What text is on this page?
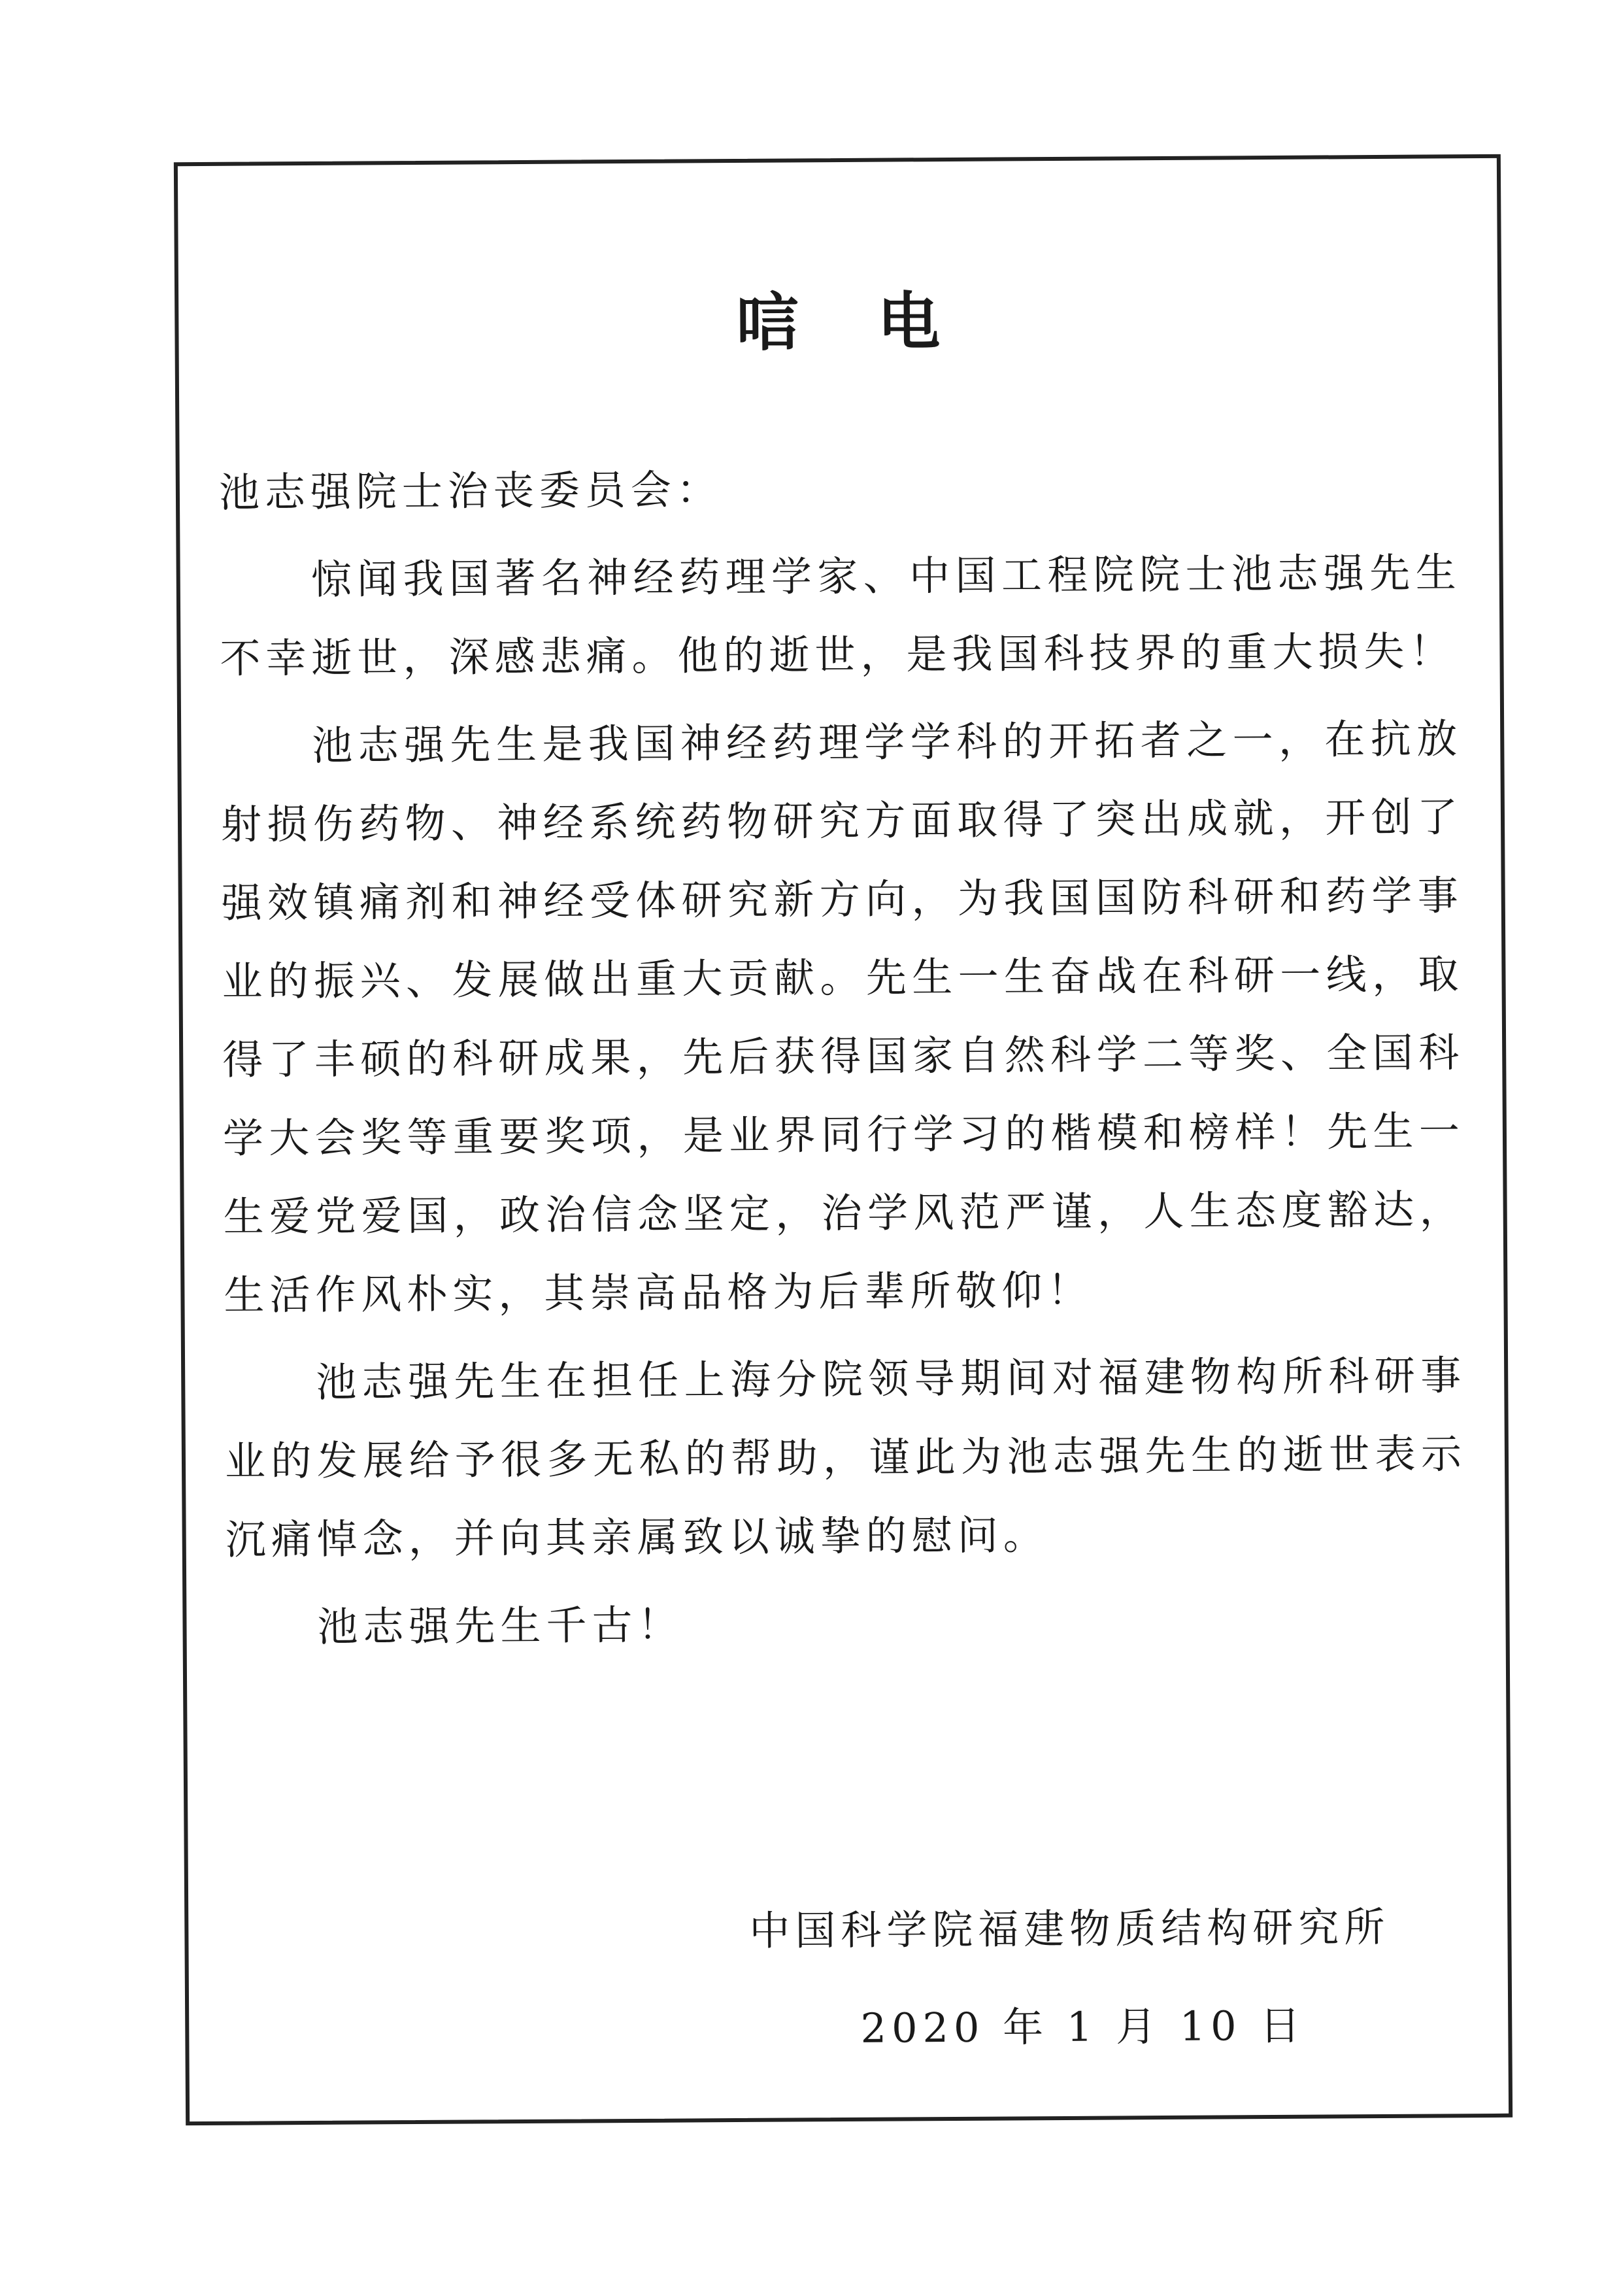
唁电

池志强院士治丧委员会：

惊闻我国著名神经药理学家、中国工程院院士池志强先生不幸逝世，深感悲痛。他的逝世，是我国科技界的重大损失！

池志强先生是我国神经药理学学科的开拓者之一，在抗放射损伤药物、神经系统药物研究方面取得了突出成就，开创了强效镇痛剂和神经受体研究新方向，为我国国防科研和药学事业的振兴、发展做出重大贡献。先生一生奋战在科研一线，取得了丰硕的科研成果，先后获得国家自然科学二等奖、全国科学大会奖等重要奖项，是业界同行学习的楷模和榜样！先生一生爱党爱国，政治信念坚定，治学风范严谨，人生态度豁达，生活作风朴实，其崇高品格为后辈所敬仰！

池志强先生在担任上海分院领导期间对福建物构所科研事业的发展给予很多无私的帮助，谨此为池志强先生的逝世表示沉痛悼念，并向其亲属致以诚挚的慰问。

池志强先生千古！

中国科学院福建物质结构研究所
2020 年 1 月 10 日
